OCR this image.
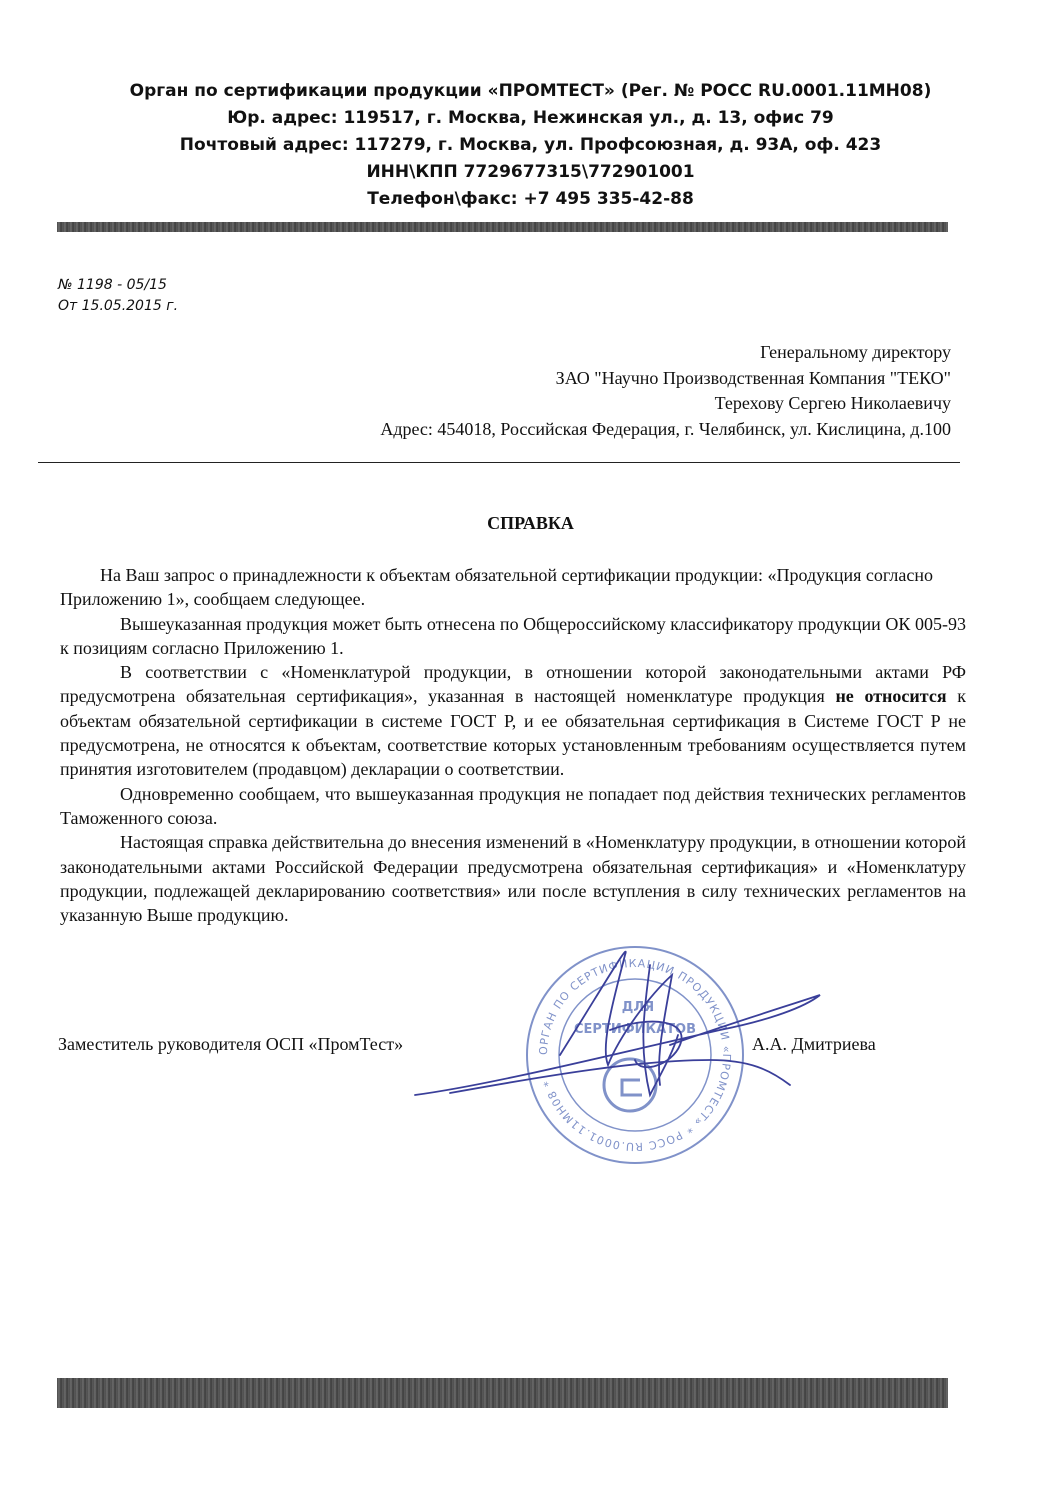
Орган по сертификации продукции «ПРОМТЕСТ» (Рег. № РОСС RU.0001.11МН08)
Юр. адрес: 119517, г. Москва, Нежинская ул., д. 13, офис 79
Почтовый адрес: 117279, г. Москва, ул. Профсоюзная, д. 93А, оф. 423
ИНН\КПП 7729677315\772901001
Телефон\факс: +7 495 335-42-88
№ 1198 - 05/15
От 15.05.2015 г.
Генеральному директору
ЗАО "Научно Производственная Компания "ТЕКО"
Терехову Сергею Николаевичу
Адрес: 454018, Российская Федерация, г. Челябинск, ул. Кислицина, д.100
СПРАВКА

На Ваш запрос о принадлежности к объектам обязательной сертификации продукции: «Продукция согласно Приложению 1», сообщаем следующее.

Вышеуказанная продукция может быть отнесена по Общероссийскому классификатору продукции ОК 005-93 к позициям согласно Приложению 1.

В соответствии с «Номенклатурой продукции, в отношении которой законодательными актами РФ предусмотрена обязательная сертификация», указанная в настоящей номенклатуре продукция не относится к объектам обязательной сертификации в системе ГОСТ Р, и ее обязательная сертификация в Системе ГОСТ Р не предусмотрена, не относятся к объектам, соответствие которых установленным требованиям осуществляется путем принятия изготовителем (продавцом) декларации о соответствии.

Одновременно сообщаем, что вышеуказанная продукция не попадает под действия технических регламентов Таможенного союза.

Настоящая справка действительна до внесения изменений в «Номенклатуру продукции, в отношении которой законодательными актами Российской Федерации предусмотрена обязательная сертификация» и «Номенклатуру продукции, подлежащей декларированию соответствия» или после вступления в силу технических регламентов на указанную Выше продукцию.

Заместитель руководителя ОСП «ПромТест»	А.А. Дмитриева
ОРГАН ПО СЕРТИФИКАЦИИ ПРОДУКЦИИ «ПРОМТЕСТ» * РОСС RU.0001.11МН08 *
ДЛЯ
СЕРТИФИКАТОВ
